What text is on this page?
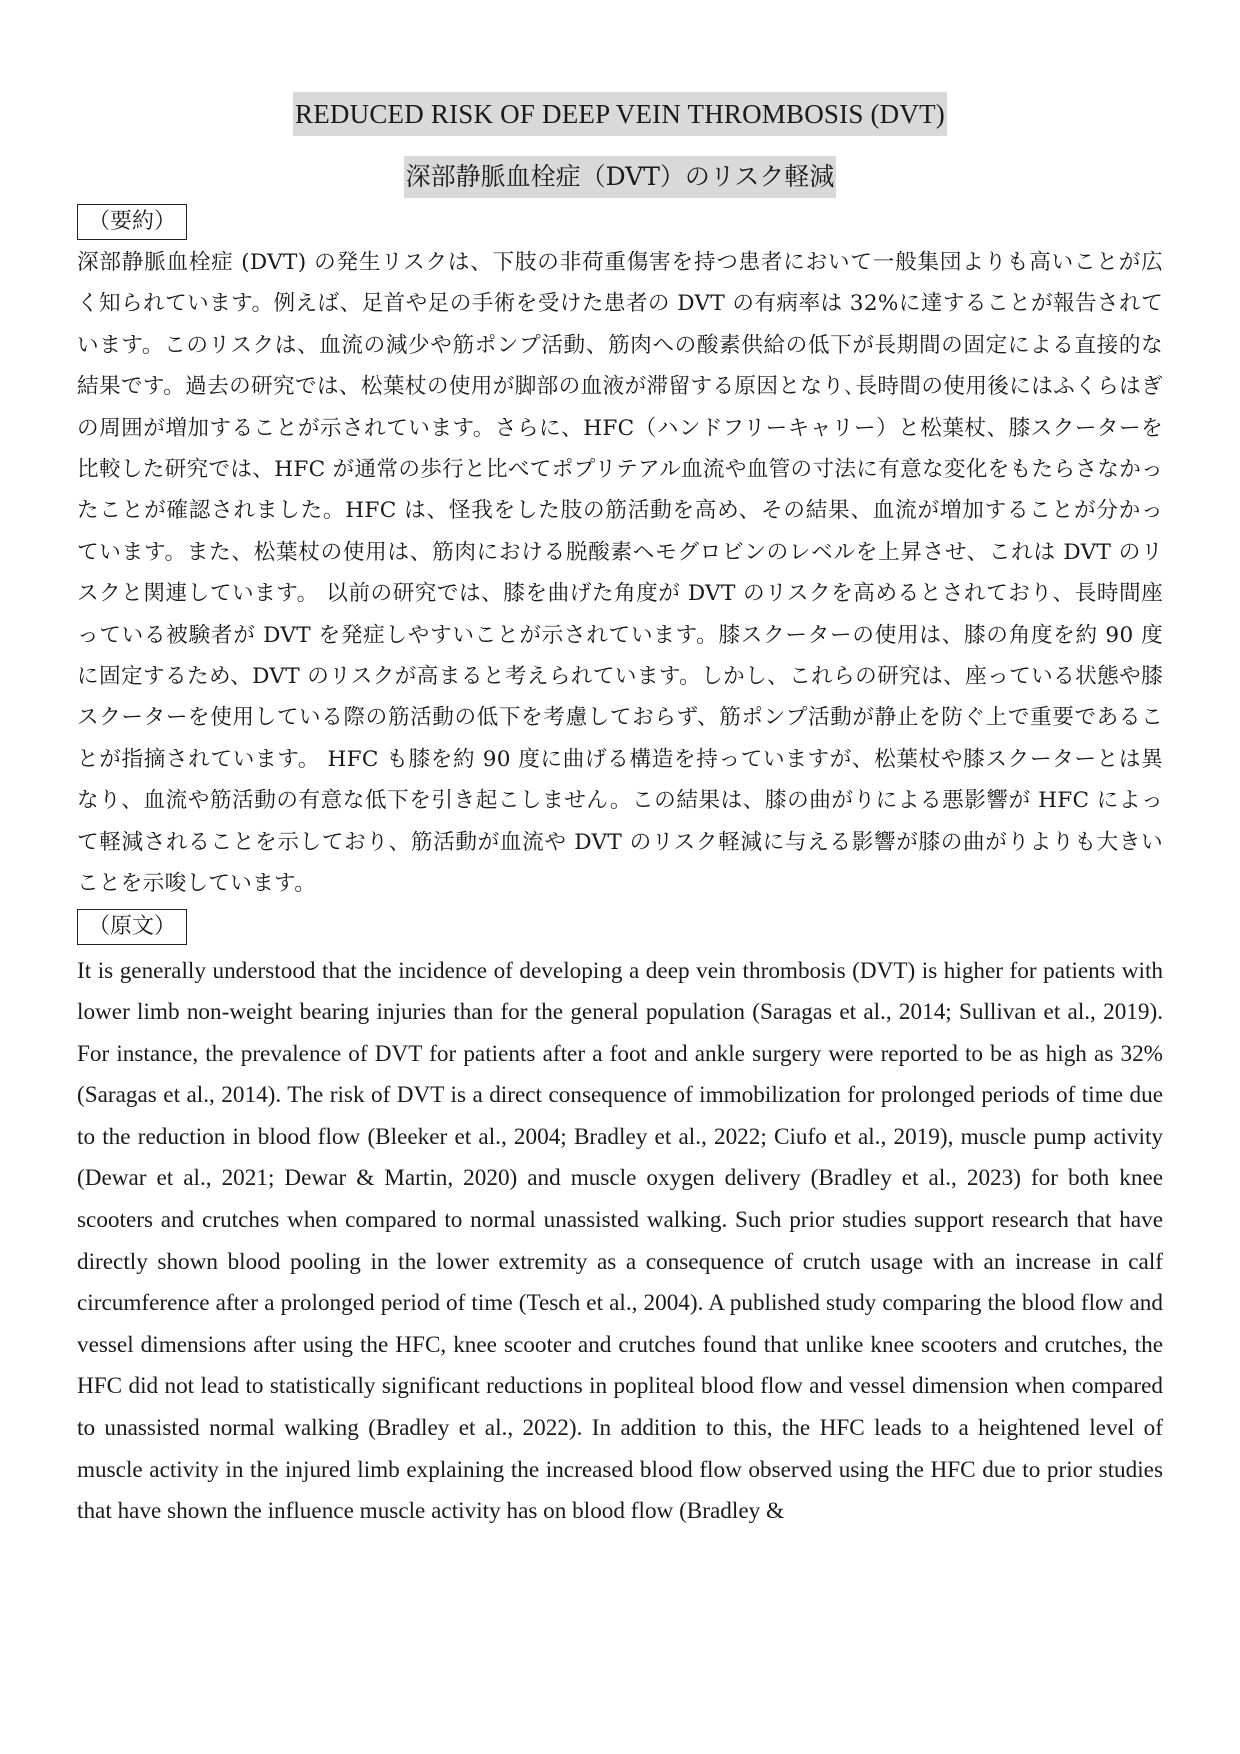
REDUCED RISK OF DEEP VEIN THROMBOSIS (DVT)
深部静脈血栓症（DVT）のリスク軽減
（要約）

深部静脈血栓症 (DVT) の発生リスクは、下肢の非荷重傷害を持つ患者において一般集団よりも高いことが広く知られています。例えば、足首や足の手術を受けた患者の DVT の有病率は 32%に達することが報告されています。このリスクは、血流の減少や筋ポンプ活動、筋肉への酸素供給の低下が長期間の固定による直接的な結果です。過去の研究では、松葉杖の使用が脚部の血液が滞留する原因となり､長時間の使用後にはふくらはぎの周囲が増加することが示されています。さらに、HFC（ハンドフリーキャリー）と松葉杖、膝スクーターを比較した研究では、HFC が通常の歩行と比べてポプリテアル血流や血管の寸法に有意な変化をもたらさなかったことが確認されました。HFC は、怪我をした肢の筋活動を高め、その結果、血流が増加することが分かっています。また、松葉杖の使用は、筋肉における脱酸素ヘモグロビンのレベルを上昇させ、これは DVT のリスクと関連しています。 以前の研究では、膝を曲げた角度が DVT のリスクを高めるとされており、長時間座っている被験者が DVT を発症しやすいことが示されています。膝スクーターの使用は、膝の角度を約 90 度に固定するため、DVT のリスクが高まると考えられています。しかし、これらの研究は、座っている状態や膝スクーターを使用している際の筋活動の低下を考慮しておらず、筋ポンプ活動が静止を防ぐ上で重要であることが指摘されています。 HFC も膝を約 90 度に曲げる構造を持っていますが、松葉杖や膝スクーターとは異なり、血流や筋活動の有意な低下を引き起こしません。この結果は、膝の曲がりによる悪影響が HFC によって軽減されることを示しており、筋活動が血流や DVT のリスク軽減に与える影響が膝の曲がりよりも大きいことを示唆しています。

（原文）

It is generally understood that the incidence of developing a deep vein thrombosis (DVT) is higher for patients with lower limb non-weight bearing injuries than for the general population (Saragas et al., 2014; Sullivan et al., 2019). For instance, the prevalence of DVT for patients after a foot and ankle surgery were reported to be as high as 32% (Saragas et al., 2014). The risk of DVT is a direct consequence of immobilization for prolonged periods of time due to the reduction in blood flow (Bleeker et al., 2004; Bradley et al., 2022; Ciufo et al., 2019), muscle pump activity (Dewar et al., 2021; Dewar & Martin, 2020) and muscle oxygen delivery (Bradley et al., 2023) for both knee scooters and crutches when compared to normal unassisted walking. Such prior studies support research that have directly shown blood pooling in the lower extremity as a consequence of crutch usage with an increase in calf circumference after a prolonged period of time (Tesch et al., 2004). A published study comparing the blood flow and vessel dimensions after using the HFC, knee scooter and crutches found that unlike knee scooters and crutches, the HFC did not lead to statistically significant reductions in popliteal blood flow and vessel dimension when compared to unassisted normal walking (Bradley et al., 2022). In addition to this, the HFC leads to a heightened level of muscle activity in the injured limb explaining the increased blood flow observed using the HFC due to prior studies that have shown the influence muscle activity has on blood flow (Bradley &
